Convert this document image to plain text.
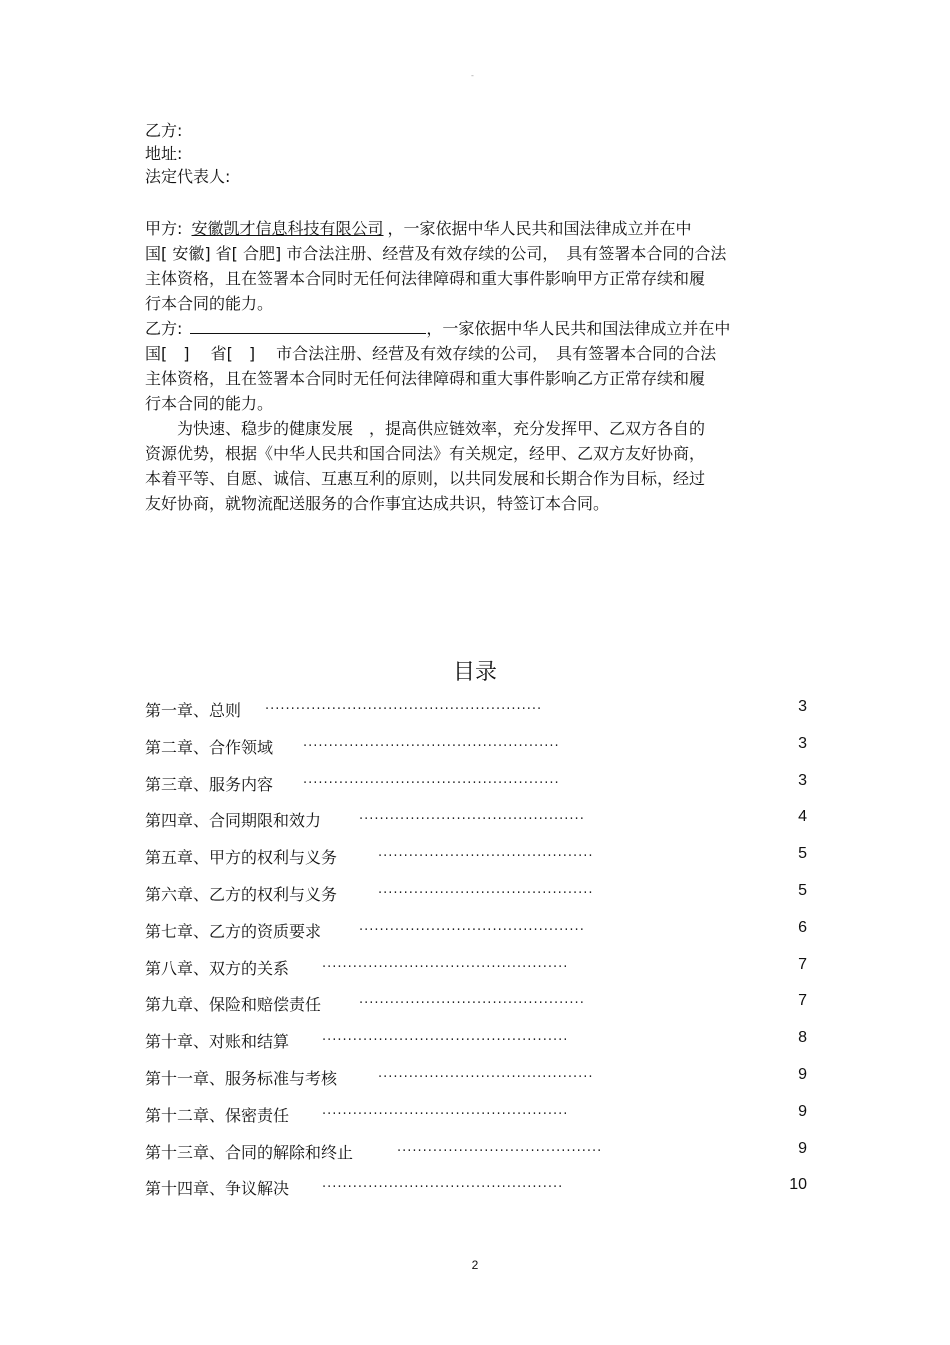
-
乙方:
地址:
法定代表人:
甲方: 安徽凯才信息科技有限公司 ，一家依据中华人民共和国法律成立并在中
国[ 安徽] 省[ 合肥] 市合法注册、经营及有效存续的公司，　具有签署本合同的合法
主体资格，且在签署本合同时无任何法律障碍和重大事件影响甲方正常存续和履
行本合同的能力。
乙方:	，一家依据中华人民共和国法律成立并在中
国[　]　 省[　]　 市合法注册、经营及有效存续的公司，　具有签署本合同的合法
主体资格，且在签署本合同时无任何法律障碍和重大事件影响乙方正常存续和履
行本合同的能力。
　　为快速、稳步的健康发展　，提高供应链效率，充分发挥甲、乙双方各自的
资源优势，根据《中华人民共和国合同法》有关规定，经甲、乙双方友好协商，
本着平等、自愿、诚信、互惠互利的原则，以共同发展和长期合作为目标，经过
友好协商，就物流配送服务的合作事宜达成共识，特签订本合同。
目录
第一章、总则 ......................................................	3
第二章、合作领域 ..................................................	3
第三章、服务内容 ..................................................	3
第四章、合同期限和效力	............................................	4
第五章、甲方的权利与义务	..........................................	5
第六章、乙方的权利与义务	..........................................	5
第七章、乙方的资质要求	............................................	6
第八章、双方的关系	................................................	7
第九章、保险和赔偿责任	............................................	7
第十章、对账和结算	................................................	8
第十一章、服务标准与考核	..........................................	9
第十二章、保密责任	................................................	9
第十三章、合同的解除和终止	........................................	9
第十四章、争议解决	...............................................	10
2
